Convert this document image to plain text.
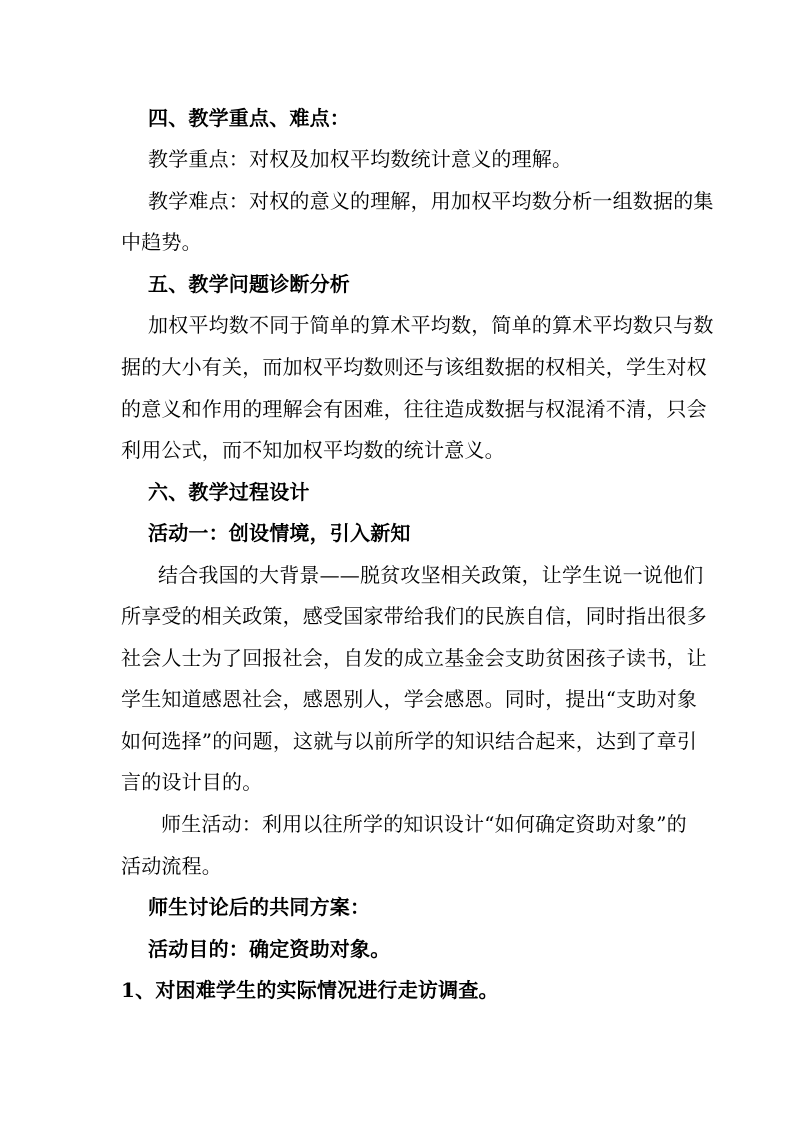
四、教学重点、难点：
教学重点：对权及加权平均数统计意义的理解。
教学难点：对权的意义的理解，用加权平均数分析一组数据的集
中趋势。
五、教学问题诊断分析
加权平均数不同于简单的算术平均数，简单的算术平均数只与数
据的大小有关，而加权平均数则还与该组数据的权相关，学生对权
的意义和作用的理解会有困难，往往造成数据与权混淆不清，只会
利用公式，而不知加权平均数的统计意义。
六、教学过程设计
活动一：创设情境，引入新知
结合我国的大背景——脱贫攻坚相关政策，让学生说一说他们
所享受的相关政策，感受国家带给我们的民族自信，同时指出很多
社会人士为了回报社会，自发的成立基金会支助贫困孩子读书，让
学生知道感恩社会，感恩别人，学会感恩。同时，提出“支助对象
如何选择”的问题，这就与以前所学的知识结合起来，达到了章引
言的设计目的。
师生活动：利用以往所学的知识设计“如何确定资助对象”的
活动流程。
师生讨论后的共同方案：
活动目的：确定资助对象。
1、对困难学生的实际情况进行走访调查。
